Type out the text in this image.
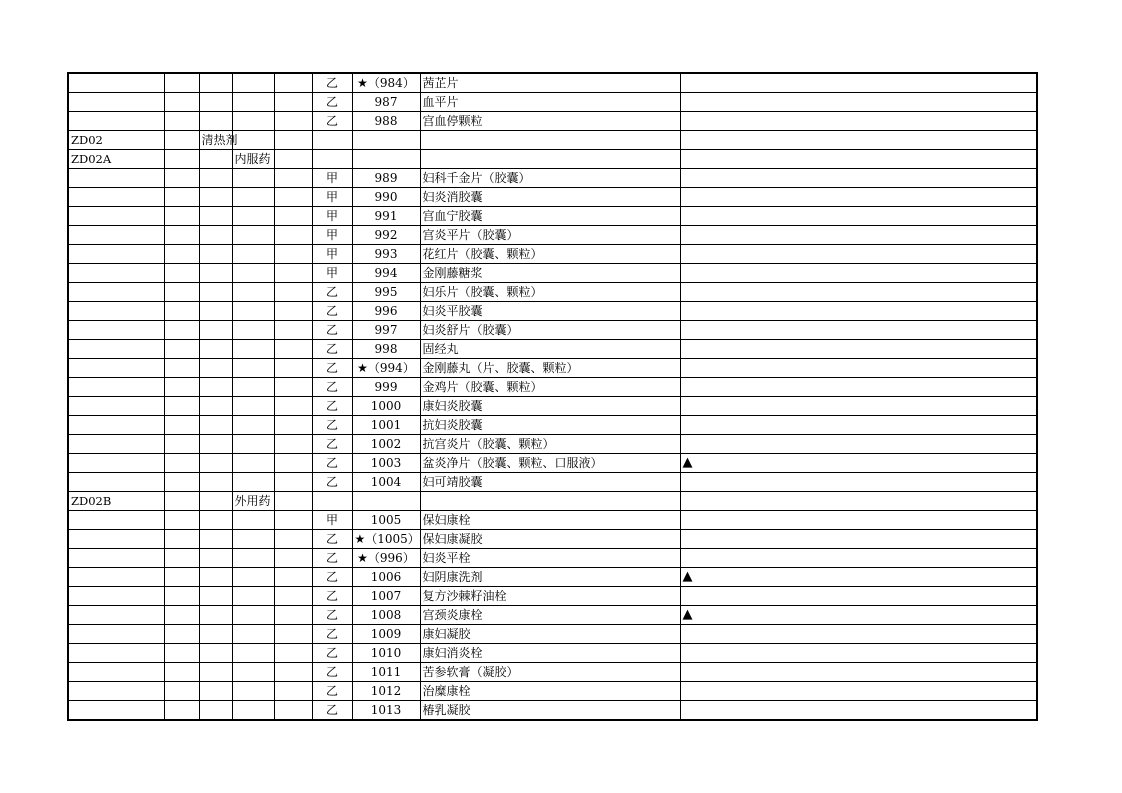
					乙	★（984）	茜芷片	
					乙	987	血平片	
					乙	988	宫血停颗粒	
ZD02		清热剂						
ZD02A			内服药					
					甲	989	妇科千金片（胶囊）	
					甲	990	妇炎消胶囊	
					甲	991	宫血宁胶囊	
					甲	992	宫炎平片（胶囊）	
					甲	993	花红片（胶囊、颗粒）	
					甲	994	金刚藤糖浆	
					乙	995	妇乐片（胶囊、颗粒）	
					乙	996	妇炎平胶囊	
					乙	997	妇炎舒片（胶囊）	
					乙	998	固经丸	
					乙	★（994）	金刚藤丸（片、胶囊、颗粒）	
					乙	999	金鸡片（胶囊、颗粒）	
					乙	1000	康妇炎胶囊	
					乙	1001	抗妇炎胶囊	
					乙	1002	抗宫炎片（胶囊、颗粒）	
					乙	1003	盆炎净片（胶囊、颗粒、口服液）	▲
					乙	1004	妇可靖胶囊	
ZD02B			外用药					
					甲	1005	保妇康栓	
					乙	★（1005）	保妇康凝胶	
					乙	★（996）	妇炎平栓	
					乙	1006	妇阴康洗剂	▲
					乙	1007	复方沙棘籽油栓	
					乙	1008	宫颈炎康栓	▲
					乙	1009	康妇凝胶	
					乙	1010	康妇消炎栓	
					乙	1011	苦参软膏（凝胶）	
					乙	1012	治糜康栓	
					乙	1013	椿乳凝胶	
